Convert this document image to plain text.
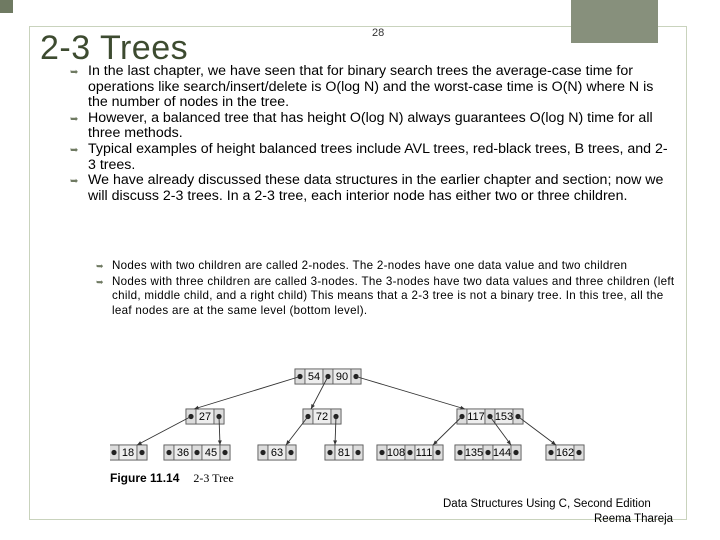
2-3 Trees	28
➥ In the last chapter, we have seen that for binary search trees the average-case time for operations like search/insert/delete is O(log N) and the worst-case time is O(N) where N is the number of nodes in the tree.
➥ However, a balanced tree that has height O(log N) always guarantees O(log N) time for all three methods.
➥ Typical examples of height balanced trees include AVL trees, red-black trees, B trees, and 2-3 trees.
➥ We have already discussed these data structures in the earlier chapter and section; now we will discuss 2-3 trees. In a 2-3 tree, each interior node has either two or three children.
➥ Nodes with two children are called 2-nodes. The 2-nodes have one data value and two children
➥ Nodes with three children are called 3-nodes. The 3-nodes have two data values and three children (left child, middle child, and a right child) This means that a 2-3 tree is not a binary tree. In this tree, all the leaf nodes are at the same level (bottom level).
54 90
27	72	117 153
18	36 45	63	81	108 111	135 144	162
Figure 11.14 2-3 Tree
Data Structures Using C, Second Edition
Reema Thareja
